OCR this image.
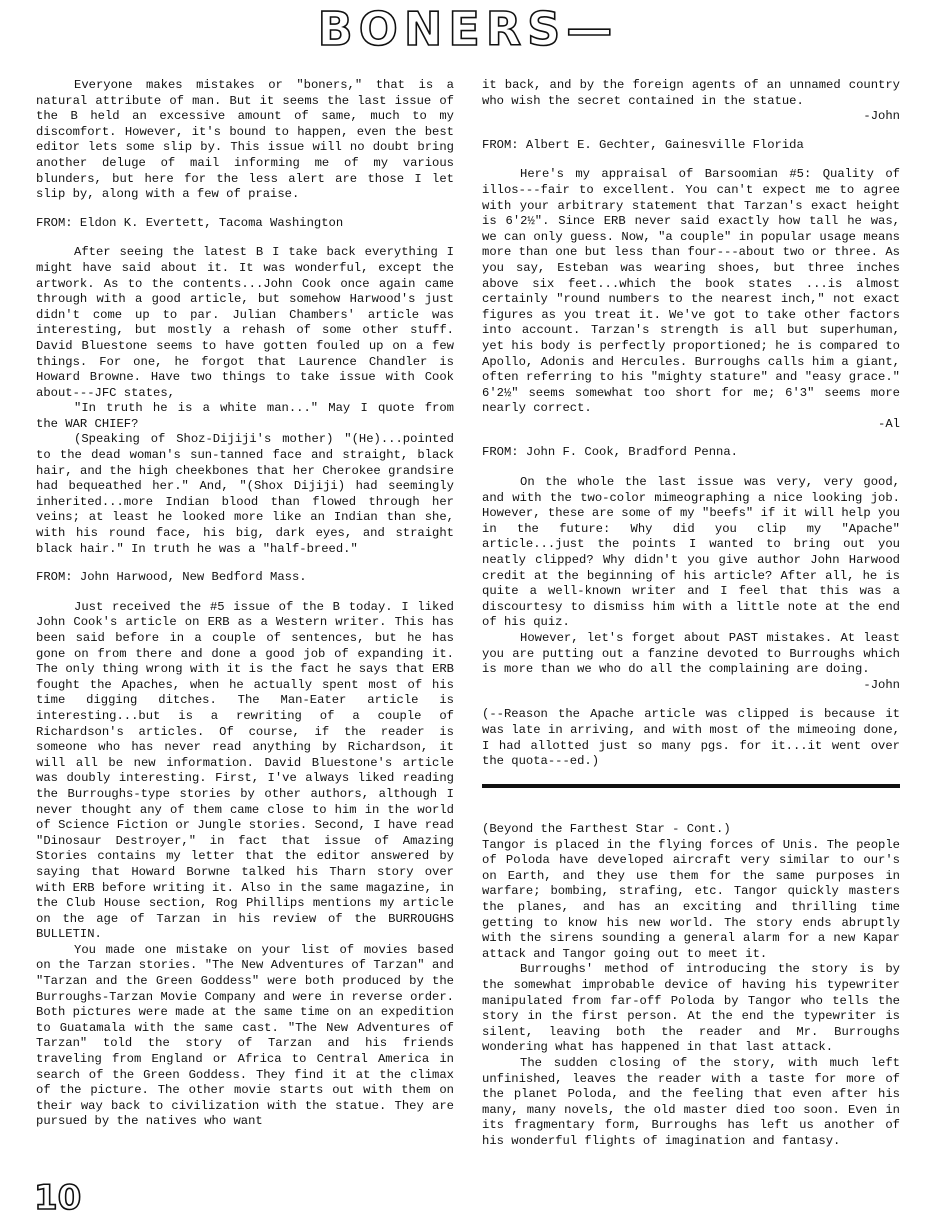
BONERS—

Everyone makes mistakes or "boners," that is a natural attribute of man. But it seems the last issue of the B held an excessive amount of same, much to my discomfort. However, it's bound to happen, even the best editor lets some slip by. This issue will no doubt bring another deluge of mail informing me of my various blunders, but here for the less alert are those I let slip by, along with a few of praise.

FROM: Eldon K. Evertett, Tacoma Washington

After seeing the latest B I take back everything I might have said about it. It was wonderful, except the artwork. As to the contents...John Cook once again came through with a good article, but somehow Harwood's just didn't come up to par. Julian Chambers' article was interesting, but mostly a rehash of some other stuff. David Bluestone seems to have gotten fouled up on a few things. For one, he forgot that Laurence Chandler is Howard Browne. Have two things to take issue with Cook about---JFC states,

"In truth he is a white man..." May I quote from the WAR CHIEF?

(Speaking of Shoz-Dijiji's mother) "(He)...pointed to the dead woman's sun-tanned face and straight, black hair, and the high cheekbones that her Cherokee grandsire had bequeathed her." And, "(Shox Dijiji) had seemingly inherited...more Indian blood than flowed through her veins; at least he looked more like an Indian than she, with his round face, his big, dark eyes, and straight black hair." In truth he was a "half-breed."

FROM: John Harwood, New Bedford Mass.

Just received the #5 issue of the B today. I liked John Cook's article on ERB as a Western writer. This has been said before in a couple of sentences, but he has gone on from there and done a good job of expanding it. The only thing wrong with it is the fact he says that ERB fought the Apaches, when he actually spent most of his time digging ditches. The Man-Eater article is interesting...but is a rewriting of a couple of Richardson's articles. Of course, if the reader is someone who has never read anything by Richardson, it will all be new information. David Bluestone's article was doubly interesting. First, I've always liked reading the Burroughs-type stories by other authors, although I never thought any of them came close to him in the world of Science Fiction or Jungle stories. Second, I have read "Dinosaur Destroyer," in fact that issue of Amazing Stories contains my letter that the editor answered by saying that Howard Borwne talked his Tharn story over with ERB before writing it. Also in the same magazine, in the Club House section, Rog Phillips mentions my article on the age of Tarzan in his review of the BURROUGHS BULLETIN.

You made one mistake on your list of movies based on the Tarzan stories. "The New Adventures of Tarzan" and "Tarzan and the Green Goddess" were both produced by the Burroughs-Tarzan Movie Company and were in reverse order. Both pictures were made at the same time on an expedition to Guatamala with the same cast. "The New Adventures of Tarzan" told the story of Tarzan and his friends traveling from England or Africa to Central America in search of the Green Goddess. They find it at the climax of the picture. The other movie starts out with them on their way back to civilization with the statue. They are pursued by the natives who want

it back, and by the foreign agents of an unnamed country who wish the secret contained in the statue.

-John

FROM: Albert E. Gechter, Gainesville Florida

Here's my appraisal of Barsoomian #5: Quality of illos---fair to excellent. You can't expect me to agree with your arbitrary statement that Tarzan's exact height is 6'2½". Since ERB never said exactly how tall he was, we can only guess. Now, "a couple" in popular usage means more than one but less than four---about two or three. As you say, Esteban was wearing shoes, but three inches above six feet...which the book states ...is almost certainly "round numbers to the nearest inch," not exact figures as you treat it. We've got to take other factors into account. Tarzan's strength is all but superhuman, yet his body is perfectly proportioned; he is compared to Apollo, Adonis and Hercules. Burroughs calls him a giant, often referring to his "mighty stature" and "easy grace." 6'2½" seems somewhat too short for me; 6'3" seems more nearly correct.

-Al

FROM: John F. Cook, Bradford Penna.

On the whole the last issue was very, very good, and with the two-color mimeographing a nice looking job. However, these are some of my "beefs" if it will help you in the future: Why did you clip my "Apache" article...just the points I wanted to bring out you neatly clipped? Why didn't you give author John Harwood credit at the beginning of his article? After all, he is quite a well-known writer and I feel that this was a discourtesy to dismiss him with a little note at the end of his quiz.

However, let's forget about PAST mistakes. At least you are putting out a fanzine devoted to Burroughs which is more than we who do all the complaining are doing.

-John

(--Reason the Apache article was clipped is because it was late in arriving, and with most of the mimeoing done, I had allotted just so many pgs. for it...it went over the quota---ed.)

(Beyond the Farthest Star - Cont.)

Tangor is placed in the flying forces of Unis. The people of Poloda have developed aircraft very similar to our's on Earth, and they use them for the same purposes in warfare; bombing, strafing, etc. Tangor quickly masters the planes, and has an exciting and thrilling time getting to know his new world. The story ends abruptly with the sirens sounding a general alarm for a new Kapar attack and Tangor going out to meet it.

Burroughs' method of introducing the story is by the somewhat improbable device of having his typewriter manipulated from far-off Poloda by Tangor who tells the story in the first person. At the end the typewriter is silent, leaving both the reader and Mr. Burroughs wondering what has happened in that last attack.

The sudden closing of the story, with much left unfinished, leaves the reader with a taste for more of the planet Poloda, and the feeling that even after his many, many novels, the old master died too soon. Even in its fragmentary form, Burroughs has left us another of his wonderful flights of imagination and fantasy.

10
